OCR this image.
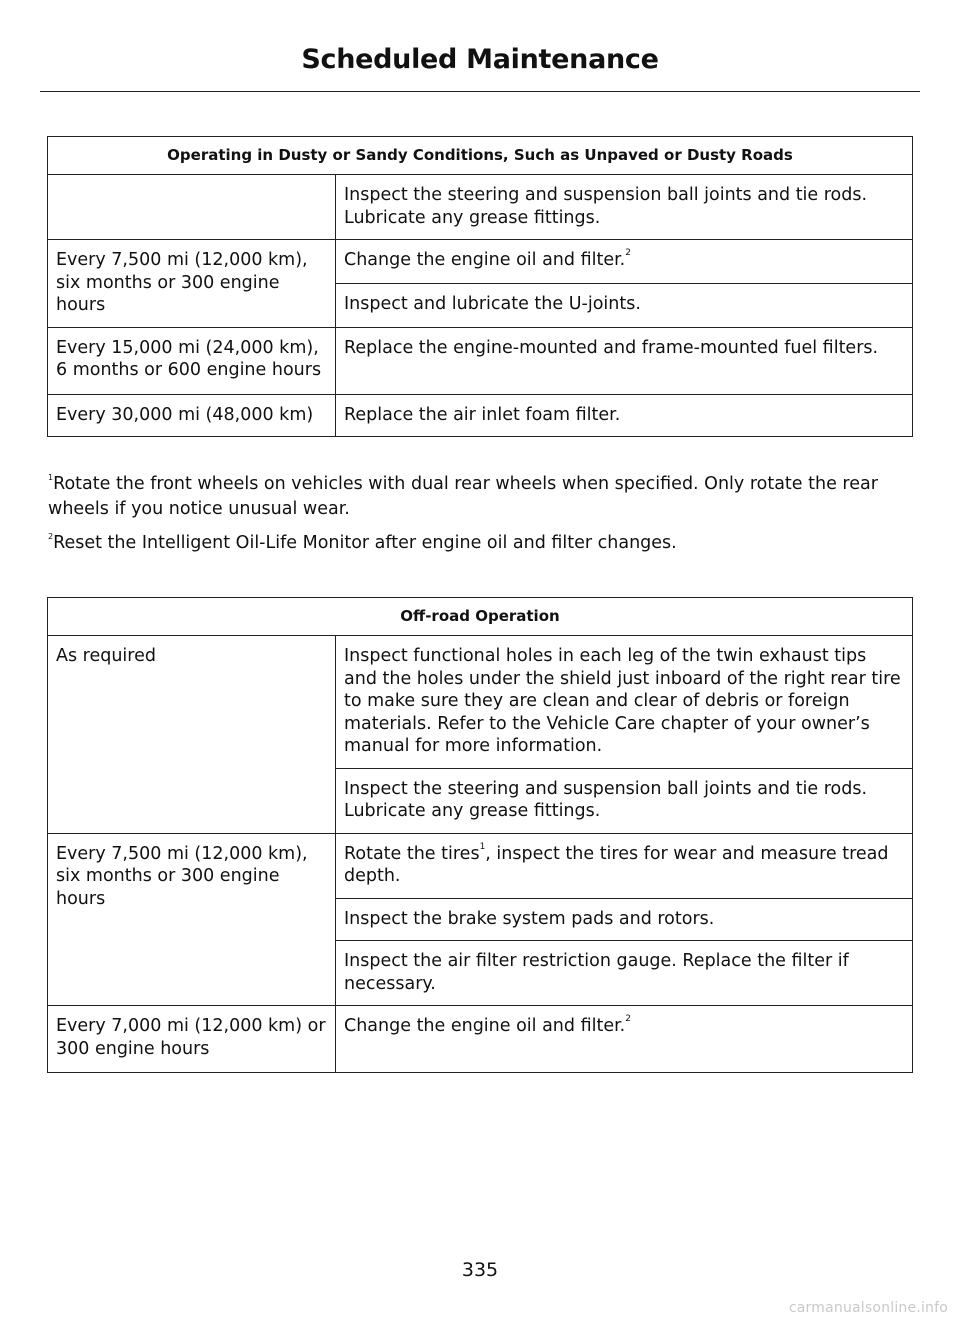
Scheduled Maintenance
Operating in Dusty or Sandy Conditions, Such as Unpaved or Dusty Roads	
	Inspect the steering and suspension ball joints and tie rods. Lubricate any grease fittings.
Every 7,500 mi (12,000 km), six months or 300 engine hours	Change the engine oil and filter.$^2$
	Inspect and lubricate the U-joints.
Every 15,000 mi (24,000 km), 6 months or 600 engine hours	Replace the engine-mounted and frame-mounted fuel filters.
Every 30,000 mi (48,000 km)	Replace the air inlet foam filter.

$^1$Rotate the front wheels on vehicles with dual rear wheels when specified. Only rotate the rear wheels if you notice unusual wear.

$^2$Reset the Intelligent Oil-Life Monitor after engine oil and filter changes.

Off-road Operation	
As required	Inspect functional holes in each leg of the twin exhaust tips and the holes under the shield just inboard of the right rear tire to make sure they are clean and clear of debris or foreign materials. Refer to the Vehicle Care chapter of your owner’s manual for more information.
	Inspect the steering and suspension ball joints and tie rods. Lubricate any grease fittings.
Every 7,500 mi (12,000 km), six months or 300 engine hours	Rotate the tires$^1$, inspect the tires for wear and measure tread depth.
	Inspect the brake system pads and rotors.
	Inspect the air filter restriction gauge. Replace the filter if necessary.
Every 7,000 mi (12,000 km) or 300 engine hours	Change the engine oil and filter.$^2$
335
carmanualsonline.info
